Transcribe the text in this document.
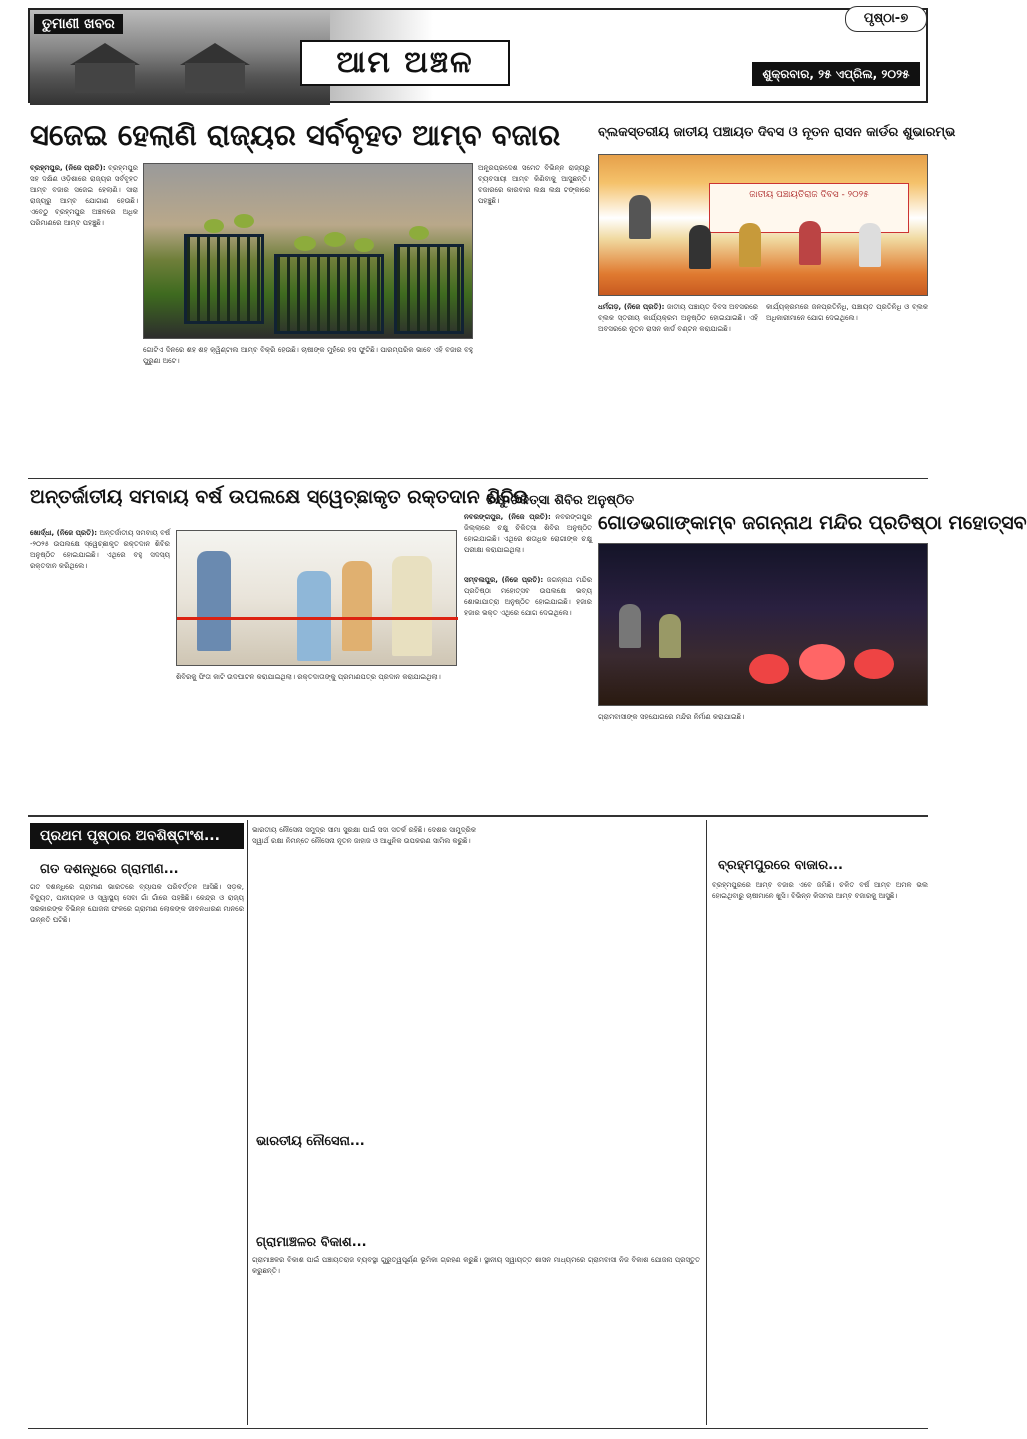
ତୁମାଣୀ ଖବର
ଆମ ଅଞ୍ଚଳ
ପୃଷ୍ଠା-୭
ଶୁକ୍ରବାର, ୨୫ ଏପ୍ରିଲ, ୨୦୨୫
ସଜେଇ ହେଲାଣି ରାଜ୍ୟର ସର୍ବବୃହତ ଆମ୍ବ ବଜାର

ବ୍ରହ୍ମପୁର, (ନିଜେ ପ୍ରତି): ବ୍ରହ୍ମପୁର ସହ ଦକ୍ଷିଣ ଓଡ଼ିଶାରେ ରାଜ୍ୟର ସର୍ବବୃହତ ଆମ୍ବ ବଜାର ସଜେଇ ହେଲାଣି। ସାରା ରାଜ୍ୟରୁ ଆମ୍ବ ଯୋଗାଣ ହେଉଛି। ଏବେଠୁ ବ୍ରହ୍ମପୁର ଅଞ୍ଚଳରେ ଅଧିକ ପରିମାଣରେ ଆମ୍ବ ପହଞ୍ଚୁଛି।

ଅନ୍ଧ୍ରପ୍ରଦେଶ ସମେତ ବିଭିନ୍ନ ରାଜ୍ୟରୁ ବ୍ୟବସାୟୀ ଆମ୍ବ କିଣିବାକୁ ଆସୁଛନ୍ତି। ବଜାରରେ କାରବାର ଲକ୍ଷ ଲକ୍ଷ ଟଙ୍କାରେ ପହଞ୍ଚୁଛି।

ଗୋଟିଏ ଦିନରେ ଶହ ଶହ କ୍ୱିଣ୍ଟାଲ ଆମ୍ବ ବିକ୍ରି ହେଉଛି। ଚାଷୀଙ୍କ ମୁହଁରେ ହସ ଫୁଟିଛି। ପାରମ୍ପରିକ ଭାବେ ଏହି ବଜାର ବହୁ ପୁରୁଣା ଅଟେ।

ବ୍ଲକସ୍ତରୀୟ ଜାତୀୟ ପଞ୍ଚାୟତ ଦିବସ ଓ ନୂତନ ରାସନ କାର୍ଡର ଶୁଭାରମ୍ଭ
ଜାତୀୟ ପଞ୍ଚାୟତିରାଜ ଦିବସ - ୨୦୨୫

ଧର୍ମଗଡ଼, (ନିଜେ ପ୍ରତି): ଜାତୀୟ ପଞ୍ଚାୟତ ଦିବସ ଅବସରରେ ବ୍ଲକ ସ୍ତରୀୟ କାର୍ଯ୍ୟକ୍ରମ ଅନୁଷ୍ଠିତ ହୋଇଯାଇଛି। ଏହି ଅବସରରେ ନୂତନ ରାସନ କାର୍ଡ ବଣ୍ଟନ କରାଯାଇଛି।

କାର୍ଯ୍ୟକ୍ରମରେ ଜନପ୍ରତିନିଧି, ପଞ୍ଚାୟତ ପ୍ରତିନିଧି ଓ ବ୍ଲକ ଅଧିକାରୀମାନେ ଯୋଗ ଦେଇଥିଲେ।

ଅନ୍ତର୍ଜାତୀୟ ସମବାୟ ବର୍ଷ ଉପଲକ୍ଷେ ସ୍ୱେଚ୍ଛାକୃତ ରକ୍ତଦାନ ଶିବିର

ଖୋର୍ଦ୍ଧା, (ନିଜେ ପ୍ରତି): ଅନ୍ତର୍ଜାତୀୟ ସମବାୟ ବର୍ଷ -୨୦୨୫ ଉପଲକ୍ଷେ ସ୍ୱେଚ୍ଛାକୃତ ରକ୍ତଦାନ ଶିବିର ଅନୁଷ୍ଠିତ ହୋଇଯାଇଛି। ଏଥିରେ ବହୁ ସଦସ୍ୟ ରକ୍ତଦାନ କରିଥିଲେ।

ଶିବିରକୁ ଫିତା କାଟି ଉଦଘାଟନ କରାଯାଇଥିଲା। ରକ୍ତଦାତାଙ୍କୁ ପ୍ରମାଣପତ୍ର ପ୍ରଦାନ କରାଯାଇଥିଲା।

ଚକ୍ଷୁ ଚିକିତ୍ସା ଶିବିର ଅନୁଷ୍ଠିତ

ନବରଙ୍ଗପୁର, (ନିଜେ ପ୍ରତି): ନବରଙ୍ଗପୁର ଜିଲ୍ଲାରେ ଚକ୍ଷୁ ଚିକିତ୍ସା ଶିବିର ଅନୁଷ୍ଠିତ ହୋଇଯାଇଛି। ଏଥିରେ ଶତାଧିକ ରୋଗୀଙ୍କ ଚକ୍ଷୁ ପରୀକ୍ଷା କରାଯାଇଥିଲା।

ଗୋଡଭଗାଙ୍କାମ୍ବ ଜଗନ୍ନାଥ ମନ୍ଦିର ପ୍ରତିଷ୍ଠା ମହୋତ୍ସବ

ସମ୍ବଲପୁର, (ନିଜେ ପ୍ରତି): ଜଗନ୍ନାଥ ମନ୍ଦିର ପ୍ରତିଷ୍ଠା ମହୋତ୍ସବ ଉପଲକ୍ଷେ ଭବ୍ୟ ଶୋଭାଯାତ୍ରା ଅନୁଷ୍ଠିତ ହୋଇଯାଇଛି। ହଜାର ହଜାର ଭକ୍ତ ଏଥିରେ ଯୋଗ ଦେଇଥିଲେ।

ଗ୍ରାମବାସୀଙ୍କ ସହଯୋଗରେ ମନ୍ଦିର ନିର୍ମାଣ କରାଯାଇଛି।

ପ୍ରଥମ ପୃଷ୍ଠାର ଅବଶିଷ୍ଟାଂଶ...
ଗତ ଦଶନ୍ଧିରେ ଗ୍ରାମୀଣ...

ଗତ ଦଶନ୍ଧିରେ ଗ୍ରାମୀଣ ଭାରତରେ ବ୍ୟାପକ ପରିବର୍ତ୍ତନ ଆସିଛି। ସଡ଼କ, ବିଦ୍ୟୁତ, ପାନୀୟଜଳ ଓ ସ୍ୱାସ୍ଥ୍ୟ ସେବା ଗାଁ ଗାଁରେ ପହଞ୍ଚିଛି। କେନ୍ଦ୍ର ଓ ରାଜ୍ୟ ସରକାରଙ୍କ ବିଭିନ୍ନ ଯୋଜନା ଫଳରେ ଗ୍ରାମୀଣ ଲୋକଙ୍କ ଜୀବନଧାରଣ ମାନରେ ଉନ୍ନତି ଘଟିଛି।

ଭାରତୀୟ ନୌସେନା...

ଭାରତୀୟ ନୌସେନା ସମୁଦ୍ର ସୀମା ସୁରକ୍ଷା ପାଇଁ ସଦା ସତର୍କ ରହିଛି। ଦେଶର ସାମୁଦ୍ରିକ ସ୍ୱାର୍ଥ ରକ୍ଷା ନିମନ୍ତେ ନୌସେନା ନୂତନ ଜାହାଜ ଓ ଆଧୁନିକ ଉପକରଣ ସାମିଲ କରୁଛି।

ଗ୍ରାମାଞ୍ଚଳର ବିକାଶ...

ଗ୍ରାମାଞ୍ଚଳର ବିକାଶ ପାଇଁ ପଞ୍ଚାୟତରାଜ ବ୍ୟବସ୍ଥା ଗୁରୁତ୍ୱପୂର୍ଣ୍ଣ ଭୂମିକା ଗ୍ରହଣ କରୁଛି। ସ୍ଥାନୀୟ ସ୍ୱାୟତ୍ତ ଶାସନ ମାଧ୍ୟମରେ ଗ୍ରାମବାସୀ ନିଜ ବିକାଶ ଯୋଜନା ପ୍ରସ୍ତୁତ କରୁଛନ୍ତି।

ବ୍ରହ୍ମପୁରରେ ବାଜାର...

ବ୍ରହ୍ମପୁରରେ ଆମ୍ବ ବଜାର ଏବେ ଜମିଛି। ଚଳିତ ବର୍ଷ ଆମ୍ବ ଅମଳ ଭଲ ହୋଇଥିବାରୁ ଚାଷୀମାନେ ଖୁସି। ବିଭିନ୍ନ କିସମର ଆମ୍ବ ବଜାରକୁ ଆସୁଛି।
